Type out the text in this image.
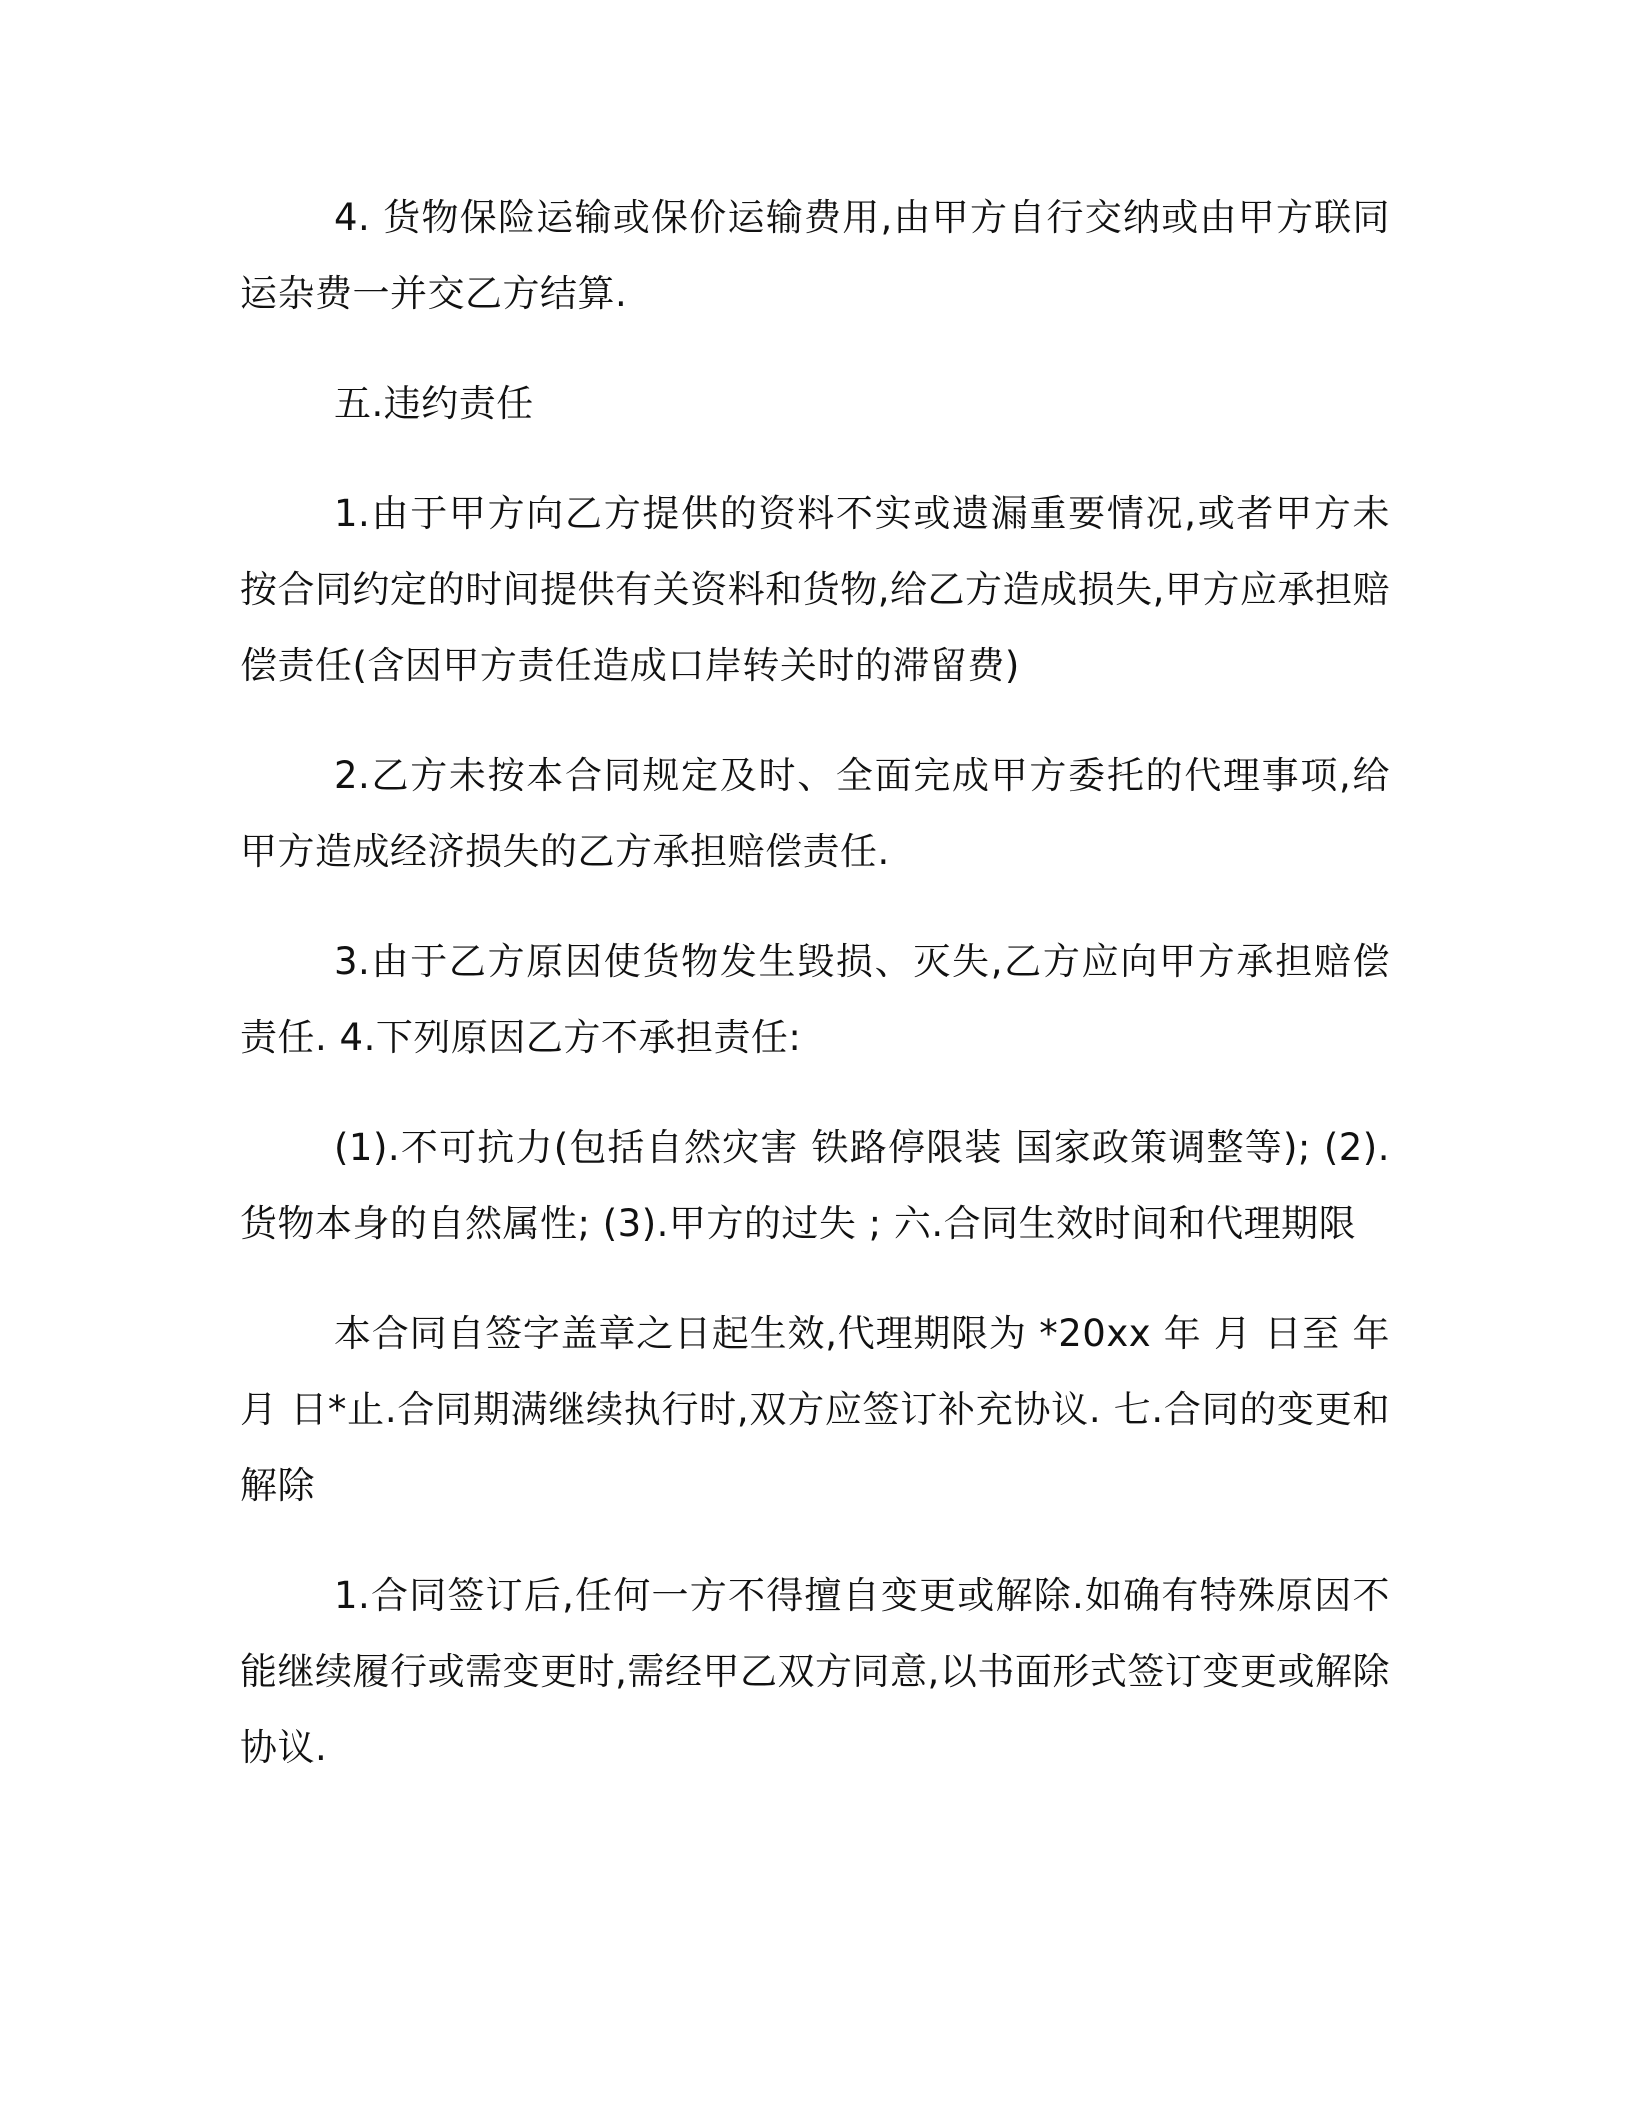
4. 货物保险运输或保价运输费用,由甲方自行交纳或由甲方联同运杂费一并交乙方结算.

五.违约责任

1.由于甲方向乙方提供的资料不实或遗漏重要情况,或者甲方未按合同约定的时间提供有关资料和货物,给乙方造成损失,甲方应承担赔偿责任(含因甲方责任造成口岸转关时的滞留费)

2.乙方未按本合同规定及时、全面完成甲方委托的代理事项,给甲方造成经济损失的乙方承担赔偿责任.

3.由于乙方原因使货物发生毁损、灭失,乙方应向甲方承担赔偿责任. 4.下列原因乙方不承担责任:

(1).不可抗力(包括自然灾害 铁路停限装 国家政策调整等); (2).货物本身的自然属性; (3).甲方的过失 ; 六.合同生效时间和代理期限

本合同自签字盖章之日起生效,代理期限为 *20xx 年 月 日至 年 月 日*止.合同期满继续执行时,双方应签订补充协议. 七.合同的变更和解除

1.合同签订后,任何一方不得擅自变更或解除.如确有特殊原因不能继续履行或需变更时,需经甲乙双方同意,以书面形式签订变更或解除协议.
